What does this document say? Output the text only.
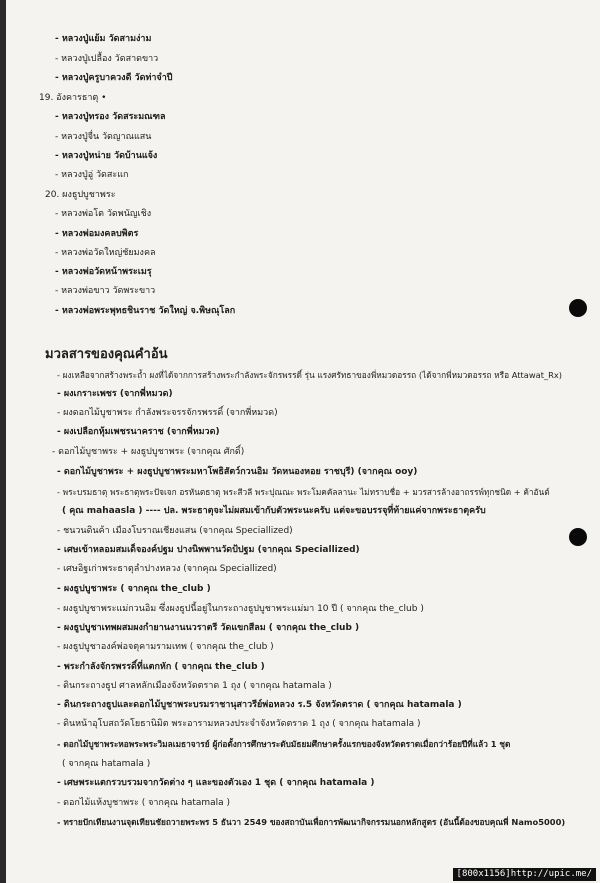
- หลวงปู่แย้ม วัดสามง่าม
- หลวงปู่เปลื้อง วัดสาดขาว
- หลวงปู่ครูบาควงดี วัดท่าจำปี
19. อังคารธาตุ •
- หลวงปู่ทรอง วัดสระมณฑล
- หลวงปู่จื่น วัดญาณแสน
- หลวงปู่หน่าย วัดบ้านแจ้ง
- หลวงปู่อู่ วัดสะแก
20. ผงธูปบูชาพระ
- หลวงพ่อโต วัดพนัญเชิง
- หลวงพ่อมงคลบพิตร
- หลวงพ่อวัดใหญ่ชัยมงคล
- หลวงพ่อวัดหน้าพระเมรุ
- หลวงพ่อขาว วัดพระขาว
- หลวงพ่อพระพุทธชินราช วัดใหญ่ จ.พิษณุโลก
มวลสารของคุณคำอ้น
- ผงเหลือจากสร้างพระถ้ำ ผงที่ได้จากการสร้างพระกำลังพระจักรพรรดิ์ รุ่น แรงศรัทธาของพี่หมวดอรรถ (ได้จากพี่หมวดอรรถ หรือ Attawat_Rx)
- ผงเกราะเพชร (จากพี่หมวด)
- ผงดอกไม้บูชาพระ กำลังพระจรรจักรพรรดิ์ (จากพี่หมวด)
- ผงเปลือกหุ้มเพชรนาคราช (จากพี่หมวด)
- ดอกไม้บูชาพระ + ผงธูปบูชาพระ (จากคุณ ศักดิ์)
- ดอกไม้บูชาพระ + ผงธูปบูชาพระมหาโพธิสัตว์กวนอิม วัดหนองหอย ราชบุรี) (จากคุณ ooy)
- พระบรมธาตุ พระธาตุพระปัจเจก อรหันตธาตุ พระสีวลี พระปุณณะ พระโมคคัลลานะ ไม่ทราบชื่อ + มวรสารล้างอาถรรพ์ทุกชนิด + ค้าอันต์
( คุณ mahaasla ) ---- ปล. พระธาตุจะไม่ผสมเข้ากับตัวพระนะครับ แต่จะขอบรรจุที่ท้ายแค่จากพระธาตุครับ
- ชนวนดินค้า เมืองโบราณเชียงแสน (จากคุณ Speciallized)
- เศษเข้าหลอมสมเด็จองค์ปฐม ปางนิพพานวัดป้ปฐม (จากคุณ Speciallized)
- เศษอิฐเก่าพระธาตุลำปางหลวง (จากคุณ Speciallized)
- ผงธูปบูชาพระ ( จากคุณ the_club )
- ผงธูปบูชาพระแม่กวนอิม ซึ่งผงธูปนี้อยู่ในกระถางธูปบูชาพระแม่มา 10 ปี ( จากคุณ the_club )
- ผงธูปบูชาเทพผสมผงกำยานงานนวราตรี วัดแขกสีลม ( จากคุณ the_club )
- ผงธูปบูชาองค์พ่อจตุคามรามเทพ ( จากคุณ the_club )
- พระกำลังจักรพรรดิ์ที่แตกหัก ( จากคุณ the_club )
- ดินกระถางธูป ศาลหลักเมืองจังหวัดตราด 1 ถุง ( จากคุณ hatamala )
- ดินกระถางธูปและดอกไม้บูชาพระบรมราชานุสาวรีย์พ่อหลวง ร.5 จังหวัดตราด ( จากคุณ hatamala )
- ดินหน้าอุโบสถวัดโยธานิมิต พระอารามหลวงประจำจังหวัดตราด 1 ถุง ( จากคุณ hatamala )
- ดอกไม้บูชาพระหอพระพระวิมลเมธาจารย์ ผู้ก่อตั้งการศึกษาระดับมัธยมศึกษาครั้งแรกของจังหวัดตราดเมื่อกว่าร้อยปีที่แล้ว 1 ชุด
( จากคุณ hatamala )
- เศษพระแตกรวบรวมจากวัดต่าง ๆ และของตัวเอง 1 ชุด ( จากคุณ hatamala )
- ดอกไม้แห้งบูชาพระ ( จากคุณ hatamala )
- ทรายปักเทียนงานจุดเทียนชัยถวายพระพร 5 ธันวา 2549 ของสถาบันเพื่อการพัฒนากิจกรรมนอกหลักสูตร (อันนี้ต้องขอบคุณพี่ Namo5000)
[800x1156]http://upic.me/
